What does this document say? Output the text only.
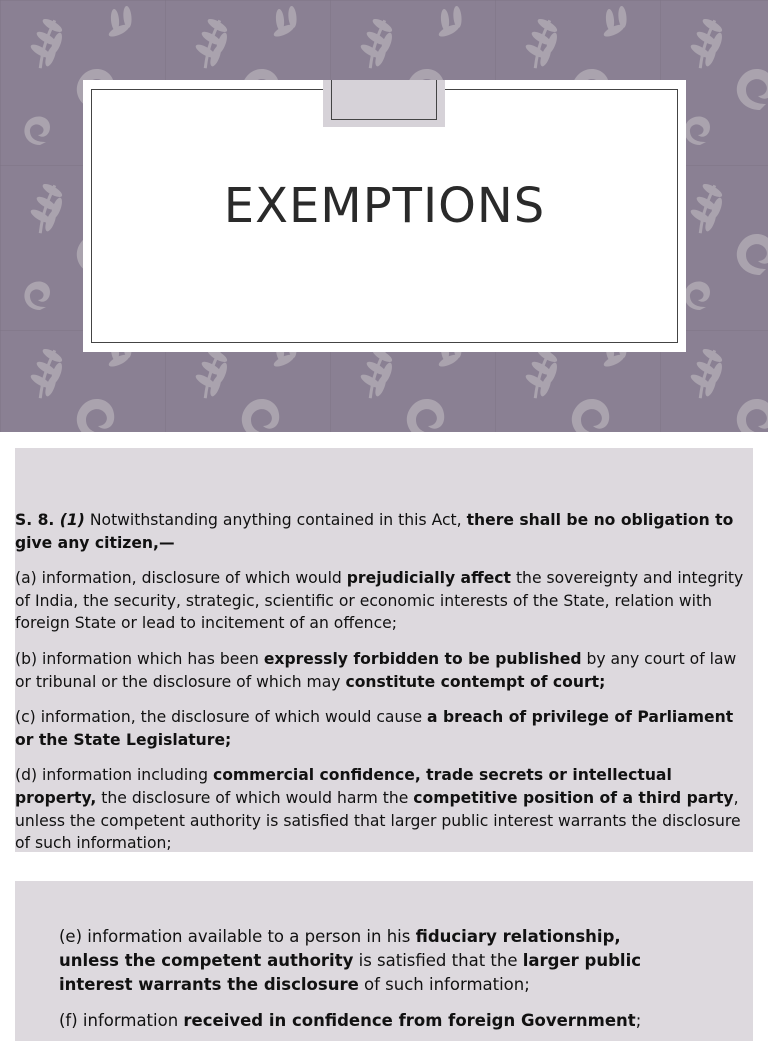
EXEMPTIONS

S. 8. (1) Notwithstanding anything contained in this Act, there shall be no obligation to give any citizen,—

(a) information, disclosure of which would prejudicially affect the sovereignty and integrity of India, the security, strategic, scientific or economic interests of the State, relation with foreign State or lead to incitement of an offence;

(b) information which has been expressly forbidden to be published by any court of law or tribunal or the disclosure of which may constitute contempt of court;

(c) information, the disclosure of which would cause a breach of privilege of Parliament or the State Legislature;

(d) information including commercial confidence, trade secrets or intellectual property, the disclosure of which would harm the competitive position of a third party, unless the competent authority is satisfied that larger public interest warrants the disclosure of such information;

(e) information available to a person in his fiduciary relationship, unless the competent authority is satisfied that the larger public interest warrants the disclosure of such information;

(f) information received in confidence from foreign Government;
